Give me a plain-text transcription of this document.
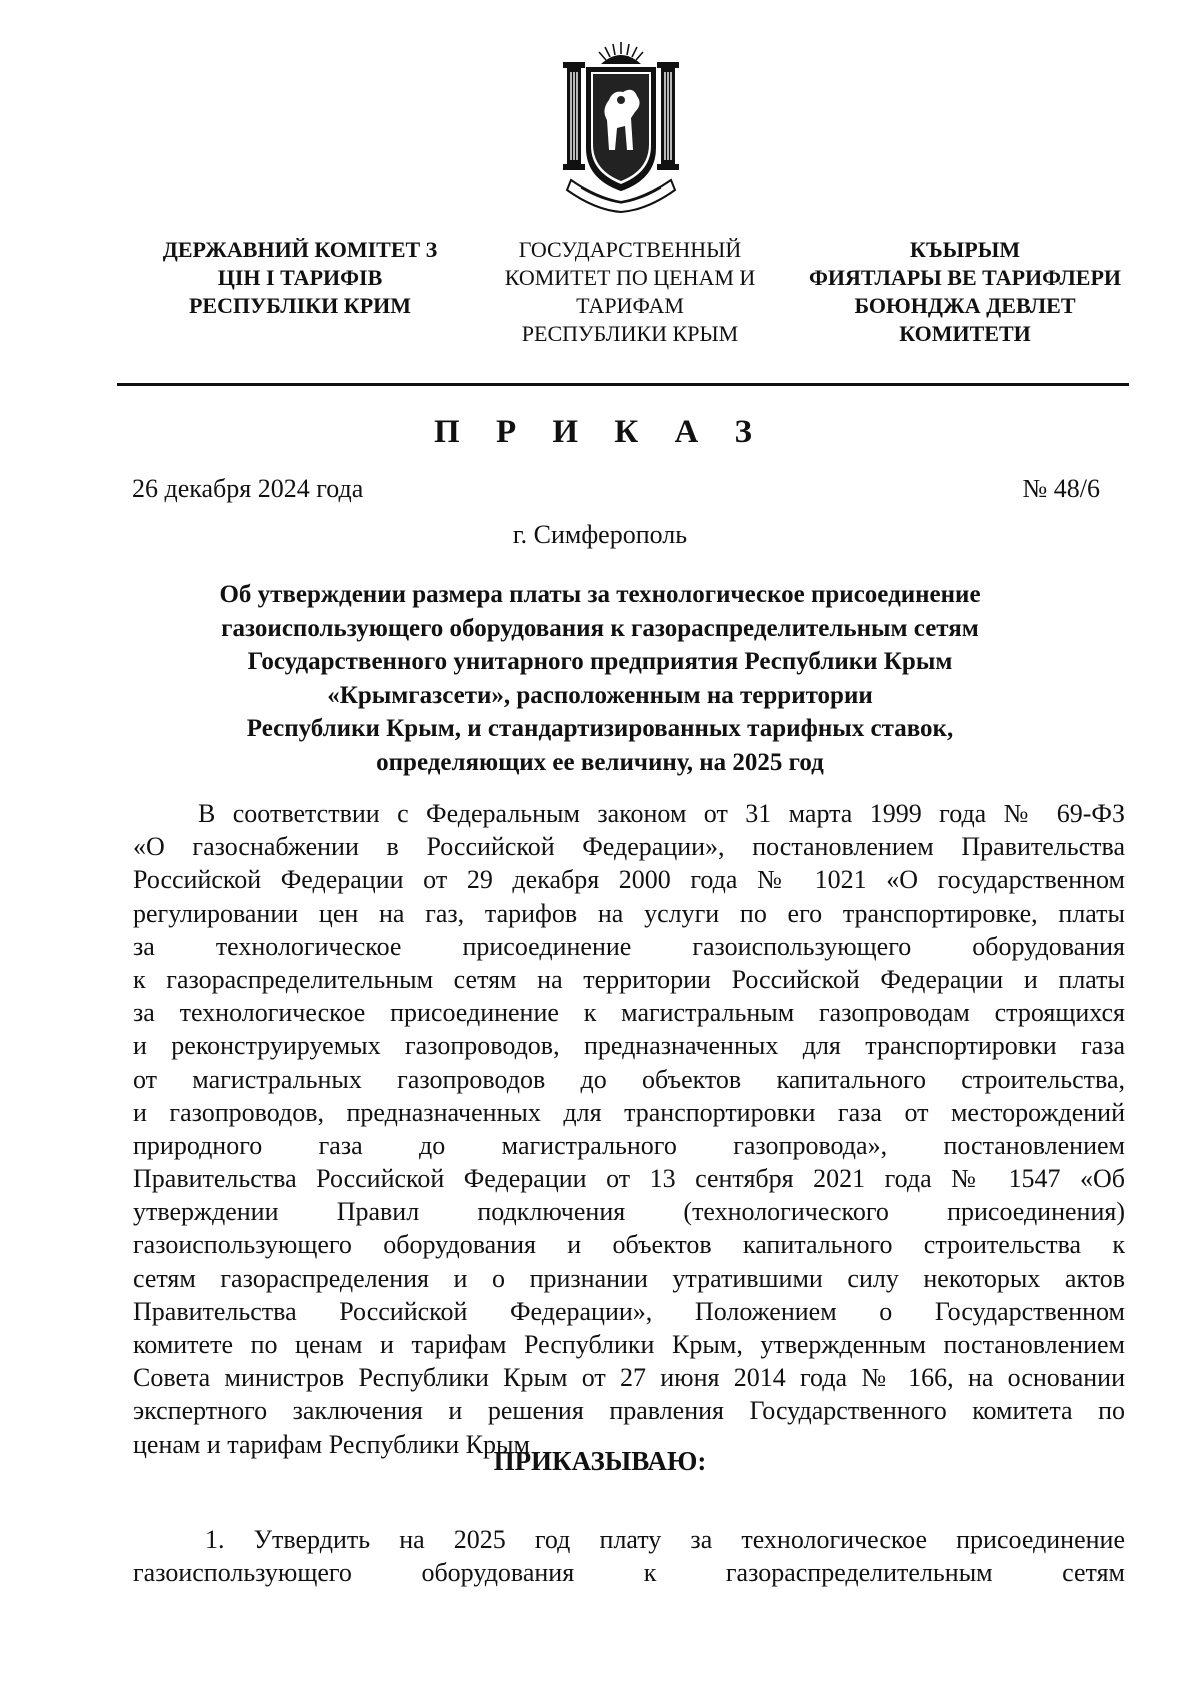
ДЕРЖАВНИЙ КОМІТЕТ З
ЦІН І ТАРИФІВ
РЕСПУБЛІКИ КРИМ
ГОСУДАРСТВЕННЫЙ
КОМИТЕТ ПО ЦЕНАМ И
ТАРИФАМ
РЕСПУБЛИКИ КРЫМ
КЪЫРЫМ
ФИЯТЛАРЫ ВЕ ТАРИФЛЕРИ
БОЮНДЖА ДЕВЛЕТ
КОМИТЕТИ
П Р И К А З
26 декабря 2024 года	№ 48/6
г. Симферополь
Об утверждении размера платы за технологическое присоединение
газоиспользующего оборудования к газораспределительным сетям
Государственного унитарного предприятия Республики Крым
«Крымгазсети», расположенным на территории
Республики Крым, и стандартизированных тарифных ставок,
определяющих ее величину, на 2025 год
В соответствии с Федеральным законом от 31 марта 1999 года № 69-ФЗ
«О газоснабжении в Российской Федерации», постановлением Правительства
Российской Федерации от 29 декабря 2000 года № 1021 «О государственном
регулировании цен на газ, тарифов на услуги по его транспортировке, платы
за технологическое присоединение газоиспользующего оборудования
к газораспределительным сетям на территории Российской Федерации и платы
за технологическое присоединение к магистральным газопроводам строящихся
и реконструируемых газопроводов, предназначенных для транспортировки газа
от магистральных газопроводов до объектов капитального строительства,
и газопроводов, предназначенных для транспортировки газа от месторождений
природного газа до магистрального газопровода», постановлением
Правительства Российской Федерации от 13 сентября 2021 года № 1547 «Об
утверждении Правил подключения (технологического присоединения)
газоиспользующего оборудования и объектов капитального строительства к
сетям газораспределения и о признании утратившими силу некоторых актов
Правительства Российской Федерации», Положением о Государственном
комитете по ценам и тарифам Республики Крым, утвержденным постановлением
Совета министров Республики Крым от 27 июня 2014 года № 166, на основании
экспертного заключения и решения правления Государственного комитета по
ценам и тарифам Республики Крым
ПРИКАЗЫВАЮ:
1. Утвердить на 2025 год плату за технологическое присоединение
газоиспользующего оборудования к газораспределительным сетям
